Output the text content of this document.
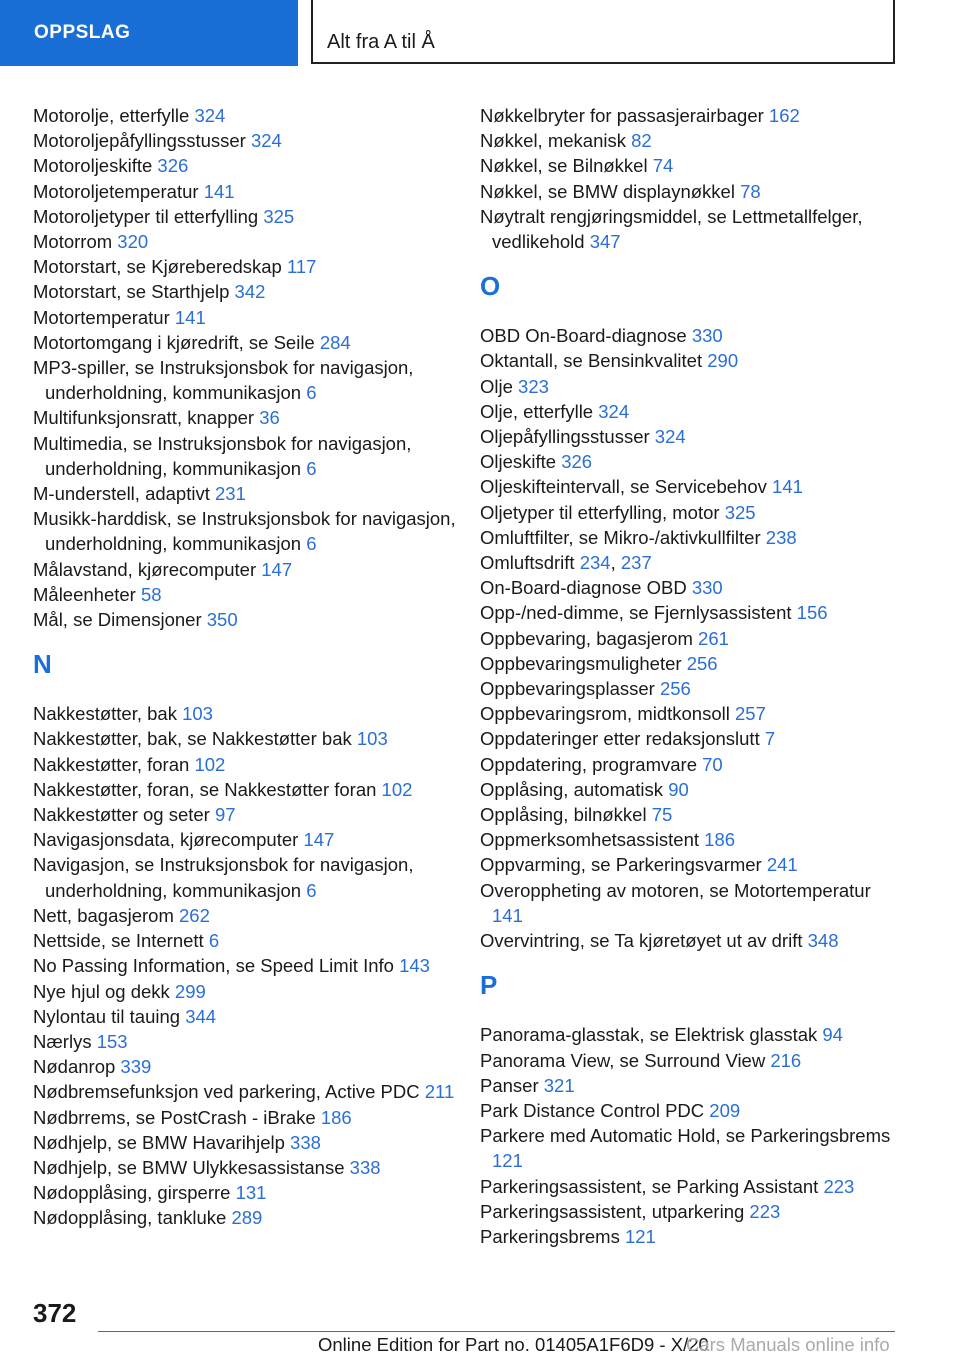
OPPSLAG	Alt fra A til Å
Motorolje, etterfylle 324
Motoroljepåfyllingsstusser 324
Motoroljeskifte 326
Motoroljetemperatur 141
Motoroljetyper til etterfylling 325
Motorrom 320
Motorstart, se Kjøreberedskap 117
Motorstart, se Starthjelp 342
Motortemperatur 141
Motortomgang i kjøredrift, se Seile 284
MP3-spiller, se Instruksjonsbok for navigasjon, underholdning, kommunikasjon 6
Multifunksjonsratt, knapper 36
Multimedia, se Instruksjonsbok for navigasjon, underholdning, kommunikasjon 6
M-understell, adaptivt 231
Musikk-harddisk, se Instruksjonsbok for navigasjon, underholdning, kommunikasjon 6
Målavstand, kjørecomputer 147
Måleenheter 58
Mål, se Dimensjoner 350
N
Nakkestøtter, bak 103
Nakkestøtter, bak, se Nakkestøtter bak 103
Nakkestøtter, foran 102
Nakkestøtter, foran, se Nakkestøtter foran 102
Nakkestøtter og seter 97
Navigasjonsdata, kjørecomputer 147
Navigasjon, se Instruksjonsbok for navigasjon, underholdning, kommunikasjon 6
Nett, bagasjerom 262
Nettside, se Internett 6
No Passing Information, se Speed Limit Info 143
Nye hjul og dekk 299
Nylontau til tauing 344
Nærlys 153
Nødanrop 339
Nødbremsefunksjon ved parkering, Active PDC 211
Nødbrrems, se PostCrash - iBrake 186
Nødhjelp, se BMW Havarihjelp 338
Nødhjelp, se BMW Ulykkesassistanse 338
Nødopplåsing, girsperre 131
Nødopplåsing, tankluke 289
Nøkkelbryter for passasjerairbager 162
Nøkkel, mekanisk 82
Nøkkel, se Bilnøkkel 74
Nøkkel, se BMW displaynøkkel 78
Nøytralt rengjøringsmiddel, se Lettmetallfelger, vedlikehold 347
O
OBD On-Board-diagnose 330
Oktantall, se Bensinkvalitet 290
Olje 323
Olje, etterfylle 324
Oljepåfyllingsstusser 324
Oljeskifte 326
Oljeskifteintervall, se Servicebehov 141
Oljetyper til etterfylling, motor 325
Omluftfilter, se Mikro-/aktivkullfilter 238
Omluftsdrift 234, 237
On-Board-diagnose OBD 330
Opp-/ned-dimme, se Fjernlysassistent 156
Oppbevaring, bagasjerom 261
Oppbevaringsmuligheter 256
Oppbevaringsplasser 256
Oppbevaringsrom, midtkonsoll 257
Oppdateringer etter redaksjonslutt 7
Oppdatering, programvare 70
Opplåsing, automatisk 90
Opplåsing, bilnøkkel 75
Oppmerksomhetsassistent 186
Oppvarming, se Parkeringsvarmer 241
Overoppheting av motoren, se Motortemperatur 141
Overvintring, se Ta kjøretøyet ut av drift 348
P
Panorama-glasstak, se Elektrisk glasstak 94
Panorama View, se Surround View 216
Panser 321
Park Distance Control PDC 209
Parkere med Automatic Hold, se Parkeringsbrems 121
Parkeringsassistent, se Parking Assistant 223
Parkeringsassistent, utparkering 223
Parkeringsbrems 121
372
Online Edition for Part no. 01405A1F6D9 - X/20
Cars Manuals online info
